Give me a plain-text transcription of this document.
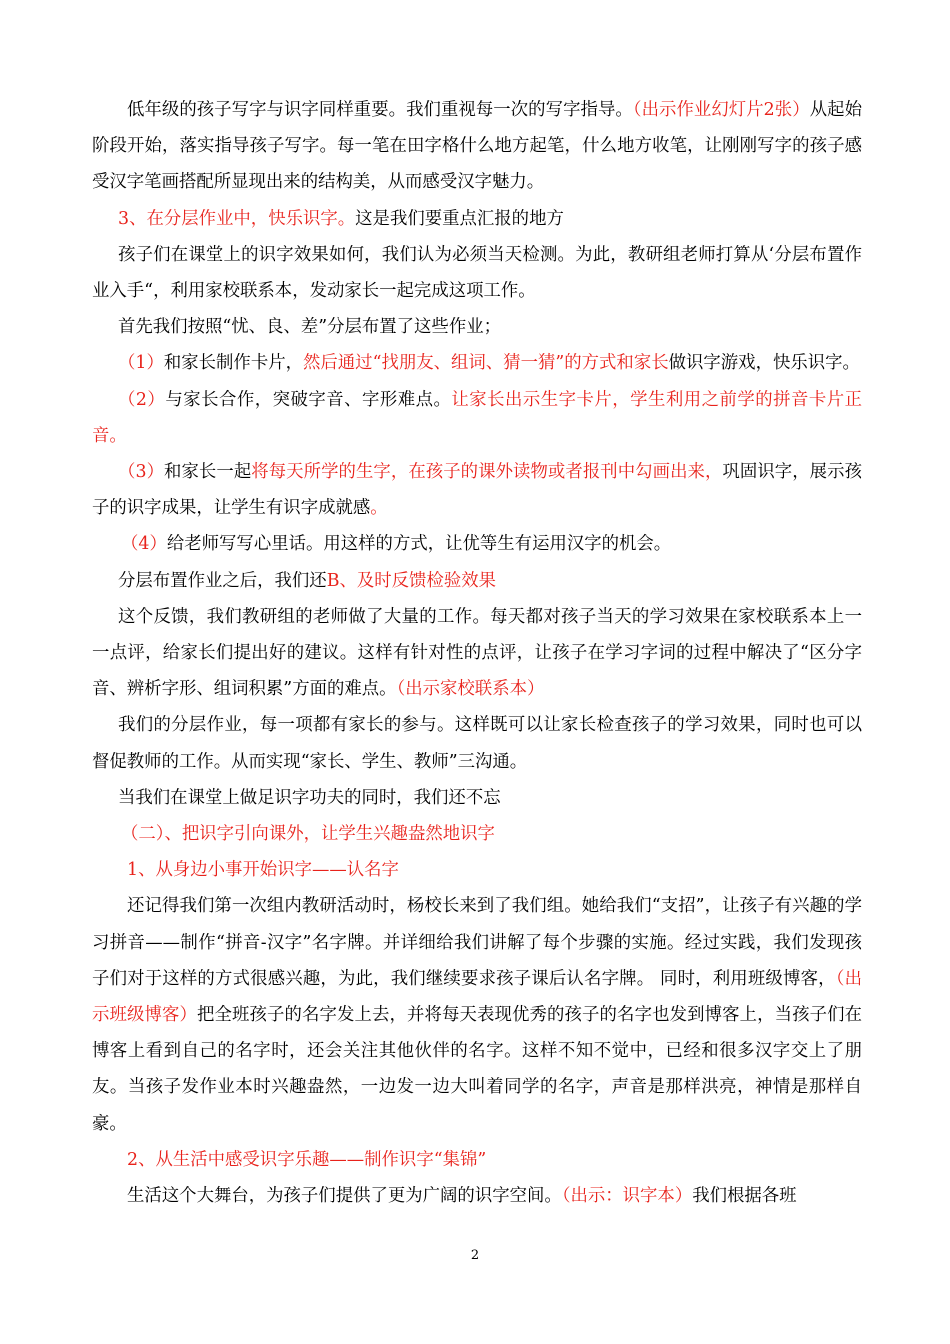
低年级的孩子写字与识字同样重要。我们重视每一次的写字指导。（出示作业幻灯片2张）从起始阶段开始，落实指导孩子写字。每一笔在田字格什么地方起笔，什么地方收笔，让刚刚写字的孩子感受汉字笔画搭配所显现出来的结构美，从而感受汉字魅力。

3、在分层作业中，快乐识字。这是我们要重点汇报的地方

孩子们在课堂上的识字效果如何，我们认为必须当天检测。为此，教研组老师打算从‘分层布置作业入手“，利用家校联系本，发动家长一起完成这项工作。

首先我们按照“忧、良、差”分层布置了这些作业；

（1）和家长制作卡片，然后通过“找朋友、组词、猜一猜”的方式和家长做识字游戏，快乐识字。

（2）与家长合作，突破字音、字形难点。让家长出示生字卡片，学生利用之前学的拼音卡片正音。

（3）和家长一起将每天所学的生字，在孩子的课外读物或者报刊中勾画出来，巩固识字，展示孩子的识字成果，让学生有识字成就感。

（4）给老师写写心里话。用这样的方式，让优等生有运用汉字的机会。

分层布置作业之后，我们还B、及时反馈检验效果

这个反馈，我们教研组的老师做了大量的工作。每天都对孩子当天的学习效果在家校联系本上一一点评，给家长们提出好的建议。这样有针对性的点评，让孩子在学习字词的过程中解决了“区分字音、辨析字形、组词积累”方面的难点。（出示家校联系本）

我们的分层作业，每一项都有家长的参与。这样既可以让家长检查孩子的学习效果，同时也可以督促教师的工作。从而实现“家长、学生、教师”三沟通。

当我们在课堂上做足识字功夫的同时，我们还不忘

（二）、把识字引向课外，让学生兴趣盎然地识字

1、从身边小事开始识字——认名字

还记得我们第一次组内教研活动时，杨校长来到了我们组。她给我们“支招”，让孩子有兴趣的学习拼音——制作“拼音-汉字”名字牌。并详细给我们讲解了每个步骤的实施。经过实践，我们发现孩子们对于这样的方式很感兴趣，为此，我们继续要求孩子课后认名字牌。 同时，利用班级博客，（出示班级博客）把全班孩子的名字发上去，并将每天表现优秀的孩子的名字也发到博客上，当孩子们在博客上看到自己的名字时，还会关注其他伙伴的名字。这样不知不觉中，已经和很多汉字交上了朋友。当孩子发作业本时兴趣盎然，一边发一边大叫着同学的名字，声音是那样洪亮，神情是那样自豪。

2、从生活中感受识字乐趣——制作识字“集锦”

生活这个大舞台，为孩子们提供了更为广阔的识字空间。（出示：识字本）我们根据各班

2
